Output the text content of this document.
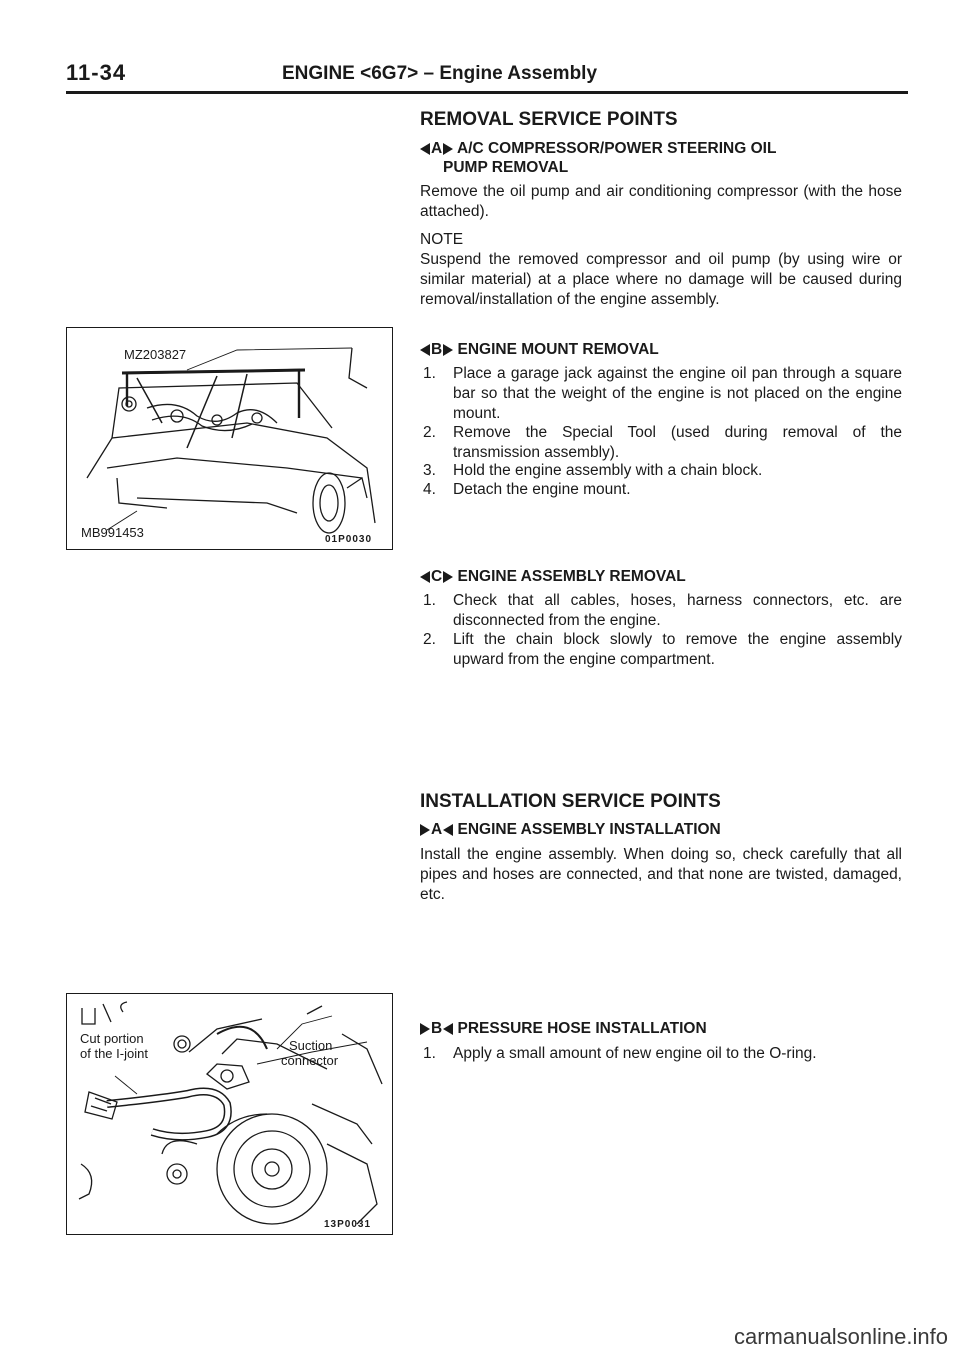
11-34	ENGINE <6G7> – Engine Assembly
REMOVAL SERVICE POINTS
A A/C COMPRESSOR/POWER STEERING OIL
PUMP REMOVAL
Remove the oil pump and air conditioning compressor (with the hose attached).
NOTE
Suspend the removed compressor and oil pump (by using wire or similar material) at a place where no damage will be caused during removal/installation of the engine assembly.
B ENGINE MOUNT REMOVAL
1. Place a garage jack against the engine oil pan through a square bar so that the weight of the engine is not placed on the engine mount.
2. Remove the Special Tool (used during removal of the transmission assembly).
3. Hold the engine assembly with a chain block.
4. Detach the engine mount.
C ENGINE ASSEMBLY REMOVAL
1. Check that all cables, hoses, harness connectors, etc. are disconnected from the engine.
2. Lift the chain block slowly to remove the engine assembly upward from the engine compartment.
INSTALLATION SERVICE POINTS
A ENGINE ASSEMBLY INSTALLATION
Install the engine assembly. When doing so, check carefully that all pipes and hoses are connected, and that none are twisted, damaged, etc.
B PRESSURE HOSE INSTALLATION
1. Apply a small amount of new engine oil to the O-ring.
MZ203827
MB991453	01P0030
Cut portion
of the I-joint
Suction
connector
13P0031
carmanualsonline.info
